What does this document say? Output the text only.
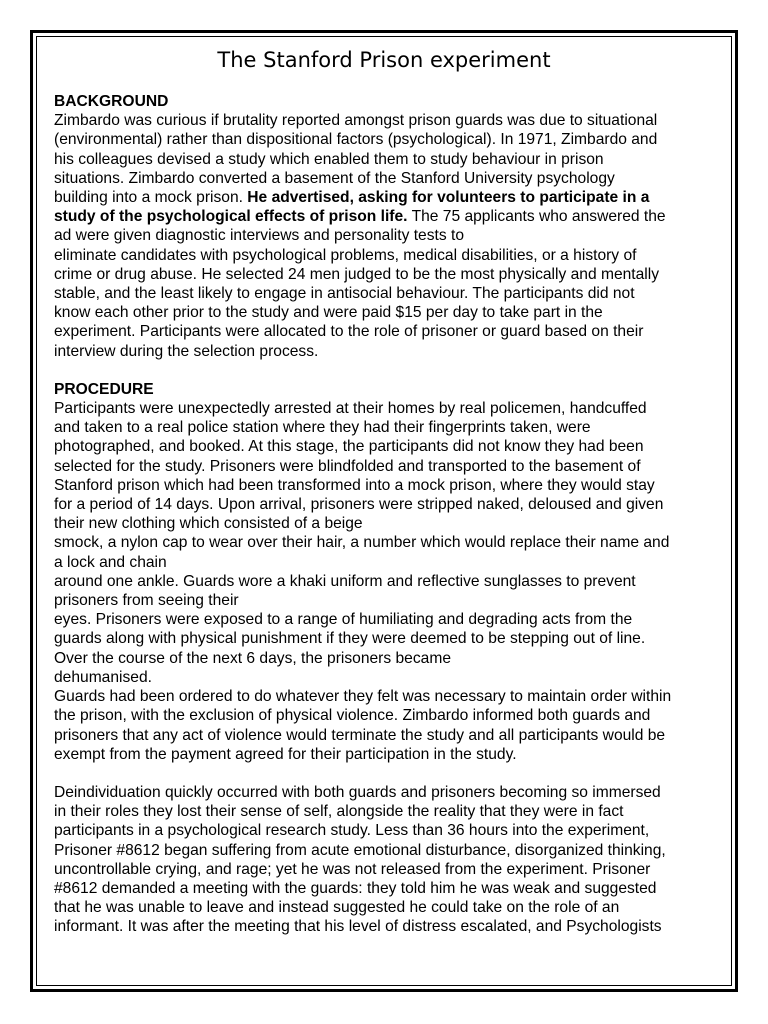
The Stanford Prison experiment
BACKGROUND

Zimbardo was curious if brutality reported amongst prison guards was due to situational
(environmental) rather than dispositional factors (psychological). In 1971, Zimbardo and
his colleagues devised a study which enabled them to study behaviour in prison
situations. Zimbardo converted a basement of the Stanford University psychology
building into a mock prison. He advertised, asking for volunteers to participate in a
study of the psychological effects of prison life. The 75 applicants who answered the
ad were given diagnostic interviews and personality tests to
eliminate candidates with psychological problems, medical disabilities, or a history of
crime or drug abuse. He selected 24 men judged to be the most physically and mentally
stable, and the least likely to engage in antisocial behaviour. The participants did not
know each other prior to the study and were paid $15 per day to take part in the
experiment. Participants were allocated to the role of prisoner or guard based on their
interview during the selection process.

PROCEDURE

Participants were unexpectedly arrested at their homes by real policemen, handcuffed
and taken to a real police station where they had their fingerprints taken, were
photographed, and booked. At this stage, the participants did not know they had been
selected for the study. Prisoners were blindfolded and transported to the basement of
Stanford prison which had been transformed into a mock prison, where they would stay
for a period of 14 days. Upon arrival, prisoners were stripped naked, deloused and given
their new clothing which consisted of a beige
smock, a nylon cap to wear over their hair, a number which would replace their name and
a lock and chain
around one ankle. Guards wore a khaki uniform and reflective sunglasses to prevent
prisoners from seeing their
eyes. Prisoners were exposed to a range of humiliating and degrading acts from the
guards along with physical punishment if they were deemed to be stepping out of line.
Over the course of the next 6 days, the prisoners became
dehumanised.

Guards had been ordered to do whatever they felt was necessary to maintain order within
the prison, with the exclusion of physical violence. Zimbardo informed both guards and
prisoners that any act of violence would terminate the study and all participants would be
exempt from the payment agreed for their participation in the study.

Deindividuation quickly occurred with both guards and prisoners becoming so immersed
in their roles they lost their sense of self, alongside the reality that they were in fact
participants in a psychological research study. Less than 36 hours into the experiment,
Prisoner #8612 began suffering from acute emotional disturbance, disorganized thinking,
uncontrollable crying, and rage; yet he was not released from the experiment. Prisoner
#8612 demanded a meeting with the guards: they told him he was weak and suggested
that he was unable to leave and instead suggested he could take on the role of an
informant. It was after the meeting that his level of distress escalated, and Psychologists
